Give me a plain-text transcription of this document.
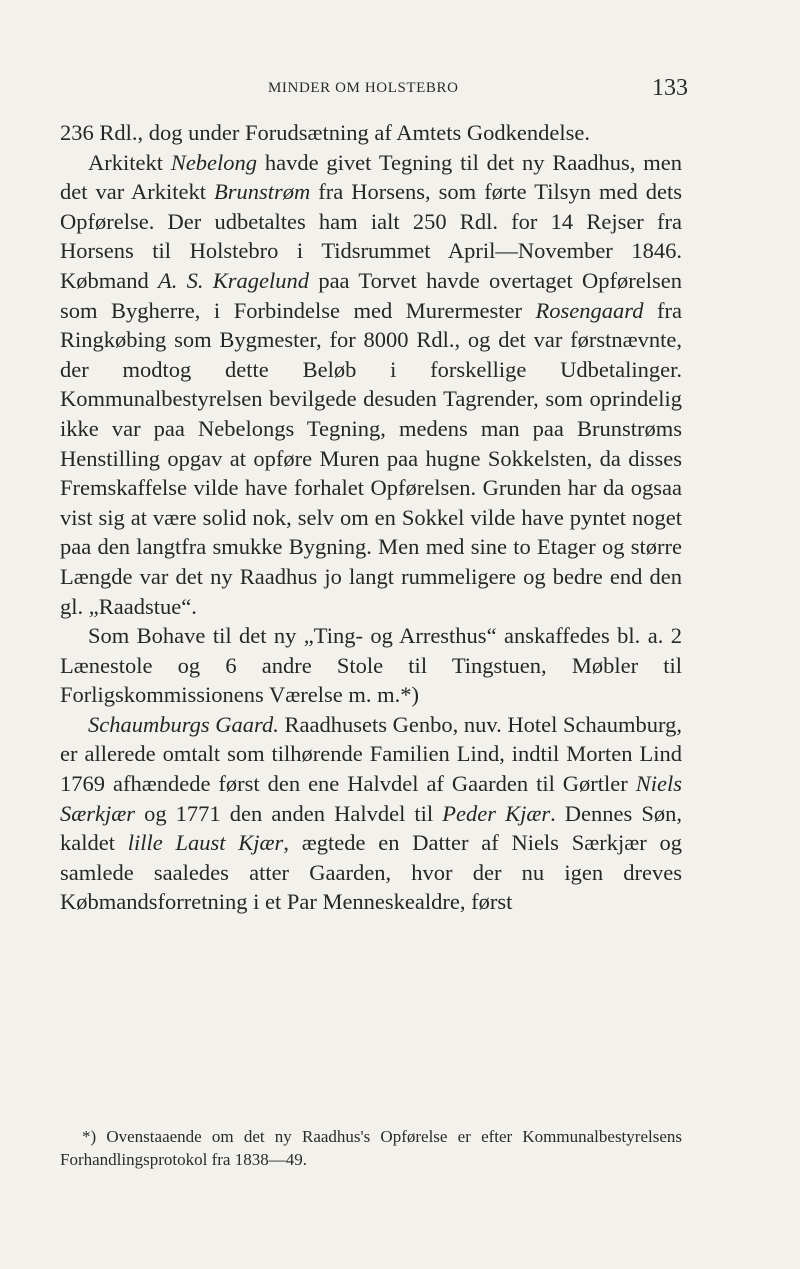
MINDER OM HOLSTEBRO	133

236 Rdl., dog under Forudsætning af Amtets Godkendelse.

Arkitekt Nebelong havde givet Tegning til det ny Raadhus, men det var Arkitekt Brunstrøm fra Horsens, som førte Tilsyn med dets Opførelse. Der udbetaltes ham ialt 250 Rdl. for 14 Rejser fra Horsens til Holstebro i Tidsrummet April—November 1846. Købmand A. S. Kragelund paa Torvet havde overtaget Opførelsen som Bygherre, i Forbindelse med Murermester Rosengaard fra Ringkøbing som Bygmester, for 8000 Rdl., og det var førstnævnte, der modtog dette Beløb i forskellige Udbetalinger. Kommunalbestyrelsen bevilgede desuden Tagrender, som oprindelig ikke var paa Nebelongs Tegning, medens man paa Brunstrøms Henstilling opgav at opføre Muren paa hugne Sokkelsten, da disses Fremskaffelse vilde have forhalet Opførelsen. Grunden har da ogsaa vist sig at være solid nok, selv om en Sokkel vilde have pyntet noget paa den langtfra smukke Bygning. Men med sine to Etager og større Længde var det ny Raadhus jo langt rummeligere og bedre end den gl. „Raadstue“.

Som Bohave til det ny „Ting- og Arresthus“ anskaffedes bl. a. 2 Lænestole og 6 andre Stole til Tingstuen, Møbler til Forligskommissionens Værelse m. m.*)

Schaumburgs Gaard. Raadhusets Genbo, nuv. Hotel Schaumburg, er allerede omtalt som tilhørende Familien Lind, indtil Morten Lind 1769 afhændede først den ene Halvdel af Gaarden til Gørtler Niels Særkjær og 1771 den anden Halvdel til Peder Kjær. Dennes Søn, kaldet lille Laust Kjær, ægtede en Datter af Niels Særkjær og samlede saaledes atter Gaarden, hvor der nu igen dreves Købmandsforretning i et Par Menneskealdre, først

*) Ovenstaaende om det ny Raadhus's Opførelse er efter Kommunalbestyrelsens Forhandlingsprotokol fra 1838—49.
